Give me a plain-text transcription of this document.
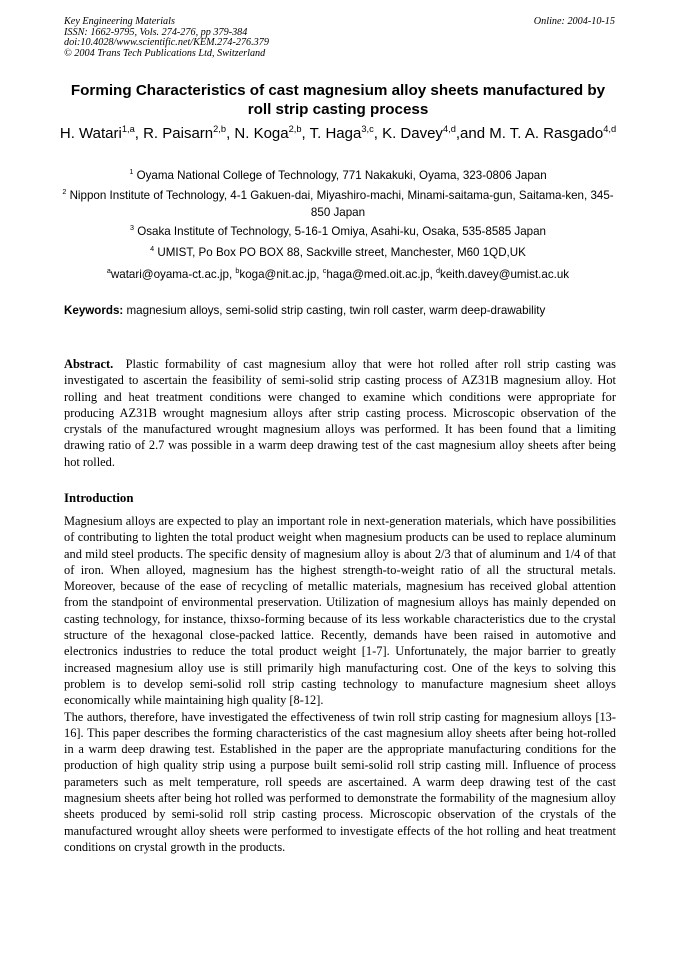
Key Engineering Materials
ISSN: 1662-9795, Vols. 274-276, pp 379-384
doi:10.4028/www.scientific.net/KEM.274-276.379
© 2004 Trans Tech Publications Ltd, Switzerland
Online: 2004-10-15
Forming Characteristics of cast magnesium alloy sheets manufactured by roll strip casting process
H. Watari$^{1,a}$, R. Paisarn$^{2,b}$, N. Koga$^{2,b}$, T. Haga$^{3,c}$, K. Davey$^{4,d}$,and M. T. A. Rasgado$^{4,d}$
$^1$ Oyama National College of Technology, 771 Nakakuki, Oyama, 323-0806 Japan
$^2$ Nippon Institute of Technology, 4-1 Gakuen-dai, Miyashiro-machi, Minami-saitama-gun, Saitama-ken, 345-850 Japan
$^3$ Osaka Institute of Technology, 5-16-1 Omiya, Asahi-ku, Osaka, 535-8585 Japan
$^4$ UMIST, Po Box PO BOX 88, Sackville street, Manchester, M60 1QD,UK
$^a$watari@oyama-ct.ac.jp, $^b$koga@nit.ac.jp, $^c$haga@med.oit.ac.jp, $^d$keith.davey@umist.ac.uk
Keywords: magnesium alloys, semi-solid strip casting, twin roll caster, warm deep-drawability

Abstract. Plastic formability of cast magnesium alloy that were hot rolled after roll strip casting was investigated to ascertain the feasibility of semi-solid strip casting process of AZ31B magnesium alloy. Hot rolling and heat treatment conditions were changed to examine which conditions were appropriate for producing AZ31B wrought magnesium alloys after strip casting process. Microscopic observation of the crystals of the manufactured wrought magnesium alloys was performed. It has been found that a limiting drawing ratio of 2.7 was possible in a warm deep drawing test of the cast magnesium alloy sheets after being hot rolled.

Introduction

Magnesium alloys are expected to play an important role in next-generation materials, which have possibilities of contributing to lighten the total product weight when magnesium products can be used to replace aluminum and mild steel products. The specific density of magnesium alloy is about 2/3 that of aluminum and 1/4 of that of iron. When alloyed, magnesium has the highest strength-to-weight ratio of all the structural metals. Moreover, because of the ease of recycling of metallic materials, magnesium has received global attention from the standpoint of environmental preservation. Utilization of magnesium alloys has mainly depended on casting technology, for instance, thixso-forming because of its less workable characteristics due to the crystal structure of the hexagonal close-packed lattice. Recently, demands have been raised in automotive and electronics industries to reduce the total product weight [1-7]. Unfortunately, the major barrier to greatly increased magnesium alloy use is still primarily high manufacturing cost. One of the keys to solving this problem is to develop semi-solid roll strip casting technology to manufacture magnesium sheet alloys economically while maintaining high quality [8-12].

The authors, therefore, have investigated the effectiveness of twin roll strip casting for magnesium alloys [13-16]. This paper describes the forming characteristics of the cast magnesium alloy sheets after being hot-rolled in a warm deep drawing test. Established in the paper are the appropriate manufacturing conditions for the production of high quality strip using a purpose built semi-solid roll strip casting mill. Influence of process parameters such as melt temperature, roll speeds are ascertained. A warm deep drawing test of the cast magnesium sheets after being hot rolled was performed to demonstrate the formability of the magnesium alloy sheets produced by semi-solid roll strip casting process. Microscopic observation of the crystals of the manufactured wrought alloy sheets were performed to investigate effects of the hot rolling and heat treatment conditions on crystal growth in the products.
